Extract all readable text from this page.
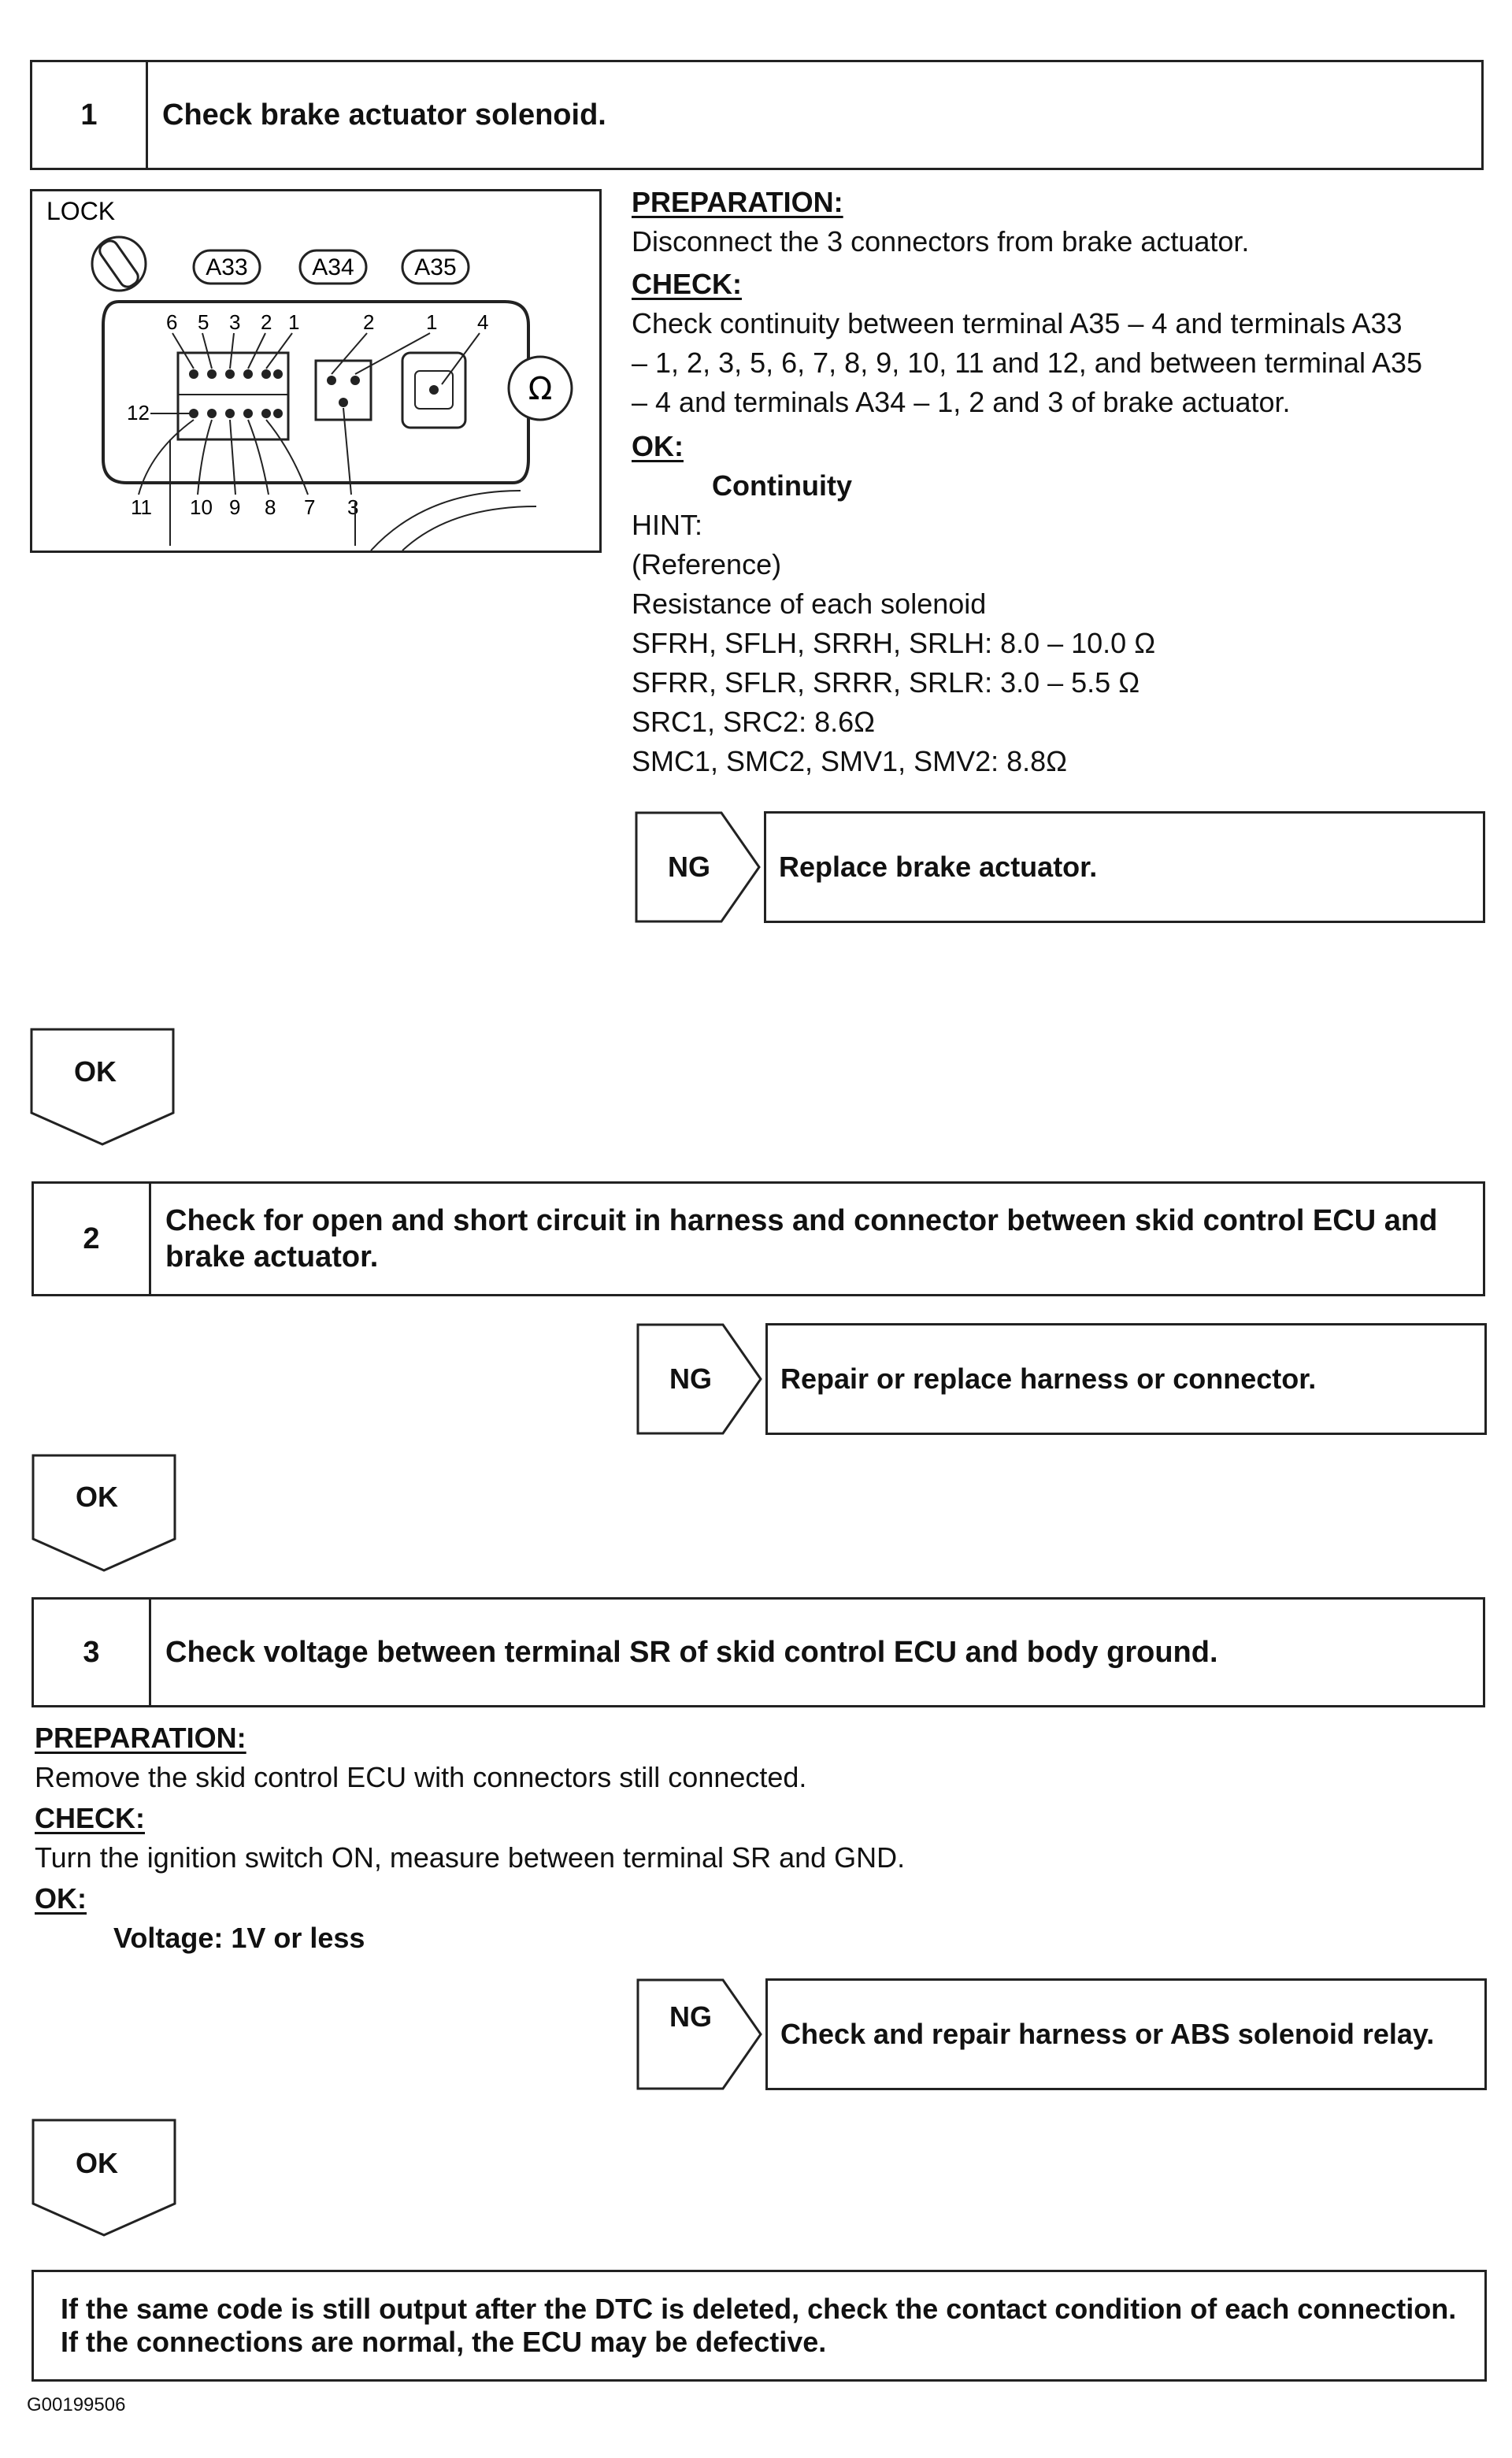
1	Check brake actuator solenoid.
LOCK
A33	A34	A35
6 5 3 2 1	2	1 4
12
11 10 9 8 7 3
Ω
PREPARATION:
Disconnect the 3 connectors from brake actuator.
CHECK:
Check continuity between terminal A35 – 4 and terminals A33
– 1, 2, 3, 5, 6, 7, 8, 9, 10, 11 and 12, and between terminal A35
– 4 and terminals A34 – 1, 2 and 3 of brake actuator.
OK:
Continuity
HINT:
(Reference)
Resistance of each solenoid
SFRH, SFLH, SRRH, SRLH: 8.0 – 10.0 Ω
SFRR, SFLR, SRRR, SRLR: 3.0 – 5.5 Ω
SRC1, SRC2: 8.6Ω
SMC1, SMC2, SMV1, SMV2: 8.8Ω
NG	Replace brake actuator.
OK
2
Check for open and short circuit in harness and connector between skid control ECU and brake actuator.
NG	Repair or replace harness or connector.
OK
3	Check voltage between terminal SR of skid control ECU and body ground.
PREPARATION:
Remove the skid control ECU with connectors still connected.
CHECK:
Turn the ignition switch ON, measure between terminal SR and GND.
OK:
Voltage: 1V or less
NG
Check and repair harness or ABS solenoid relay.
OK
If the same code is still output after the DTC is deleted, check the contact condition of each connection. If the connections are normal, the ECU may be defective.
G00199506
